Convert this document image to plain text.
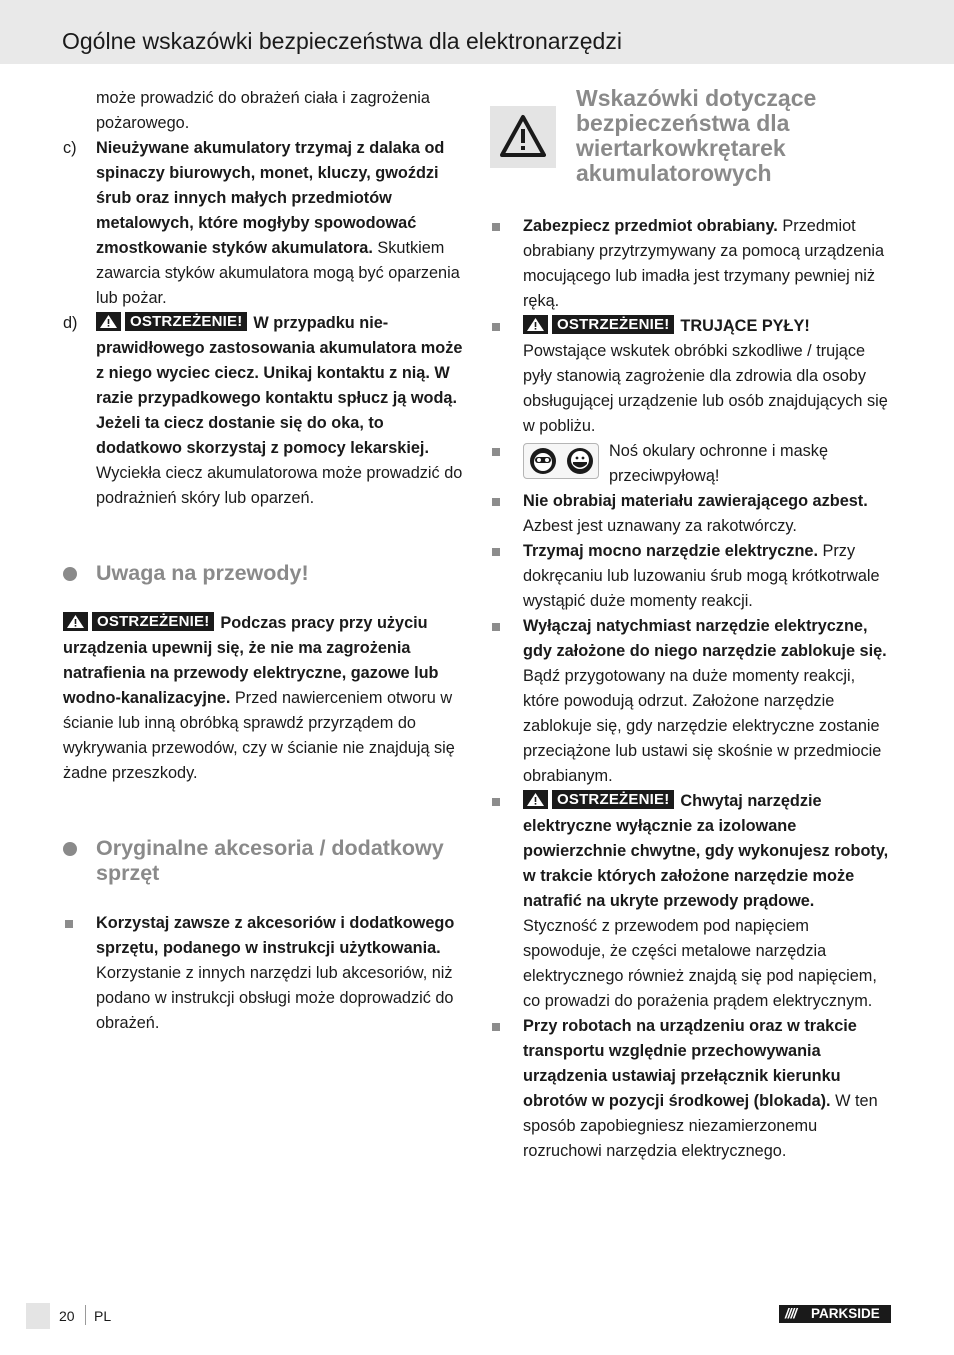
Ogólne wskazówki bezpieczeństwa dla elektronarzędzi

może prowadzić do obrażeń ciała i zagrożenia pożarowego.

c)	Nieużywane akumulatory trzymaj z dalaka od spinaczy biurowych, monet, kluczy, gwoździ śrub oraz innych małych przedmiotów metalowych, które mogłyby spowodować zmostkowanie styków akumulatora. Skutkiem zawarcia styków akumulatora mogą być oparzenia lub pożar.
d)	OSTRZEŻENIE! W przypadku nieprawidłowego zastosowania akumulatora może z niego wyciec ciecz. Unikaj kontaktu z nią. W razie przypadkowego kontaktu spłucz ją wodą. Jeżeli ta ciecz dostanie się do oka, to dodatkowo skorzystaj z pomocy lekarskiej. Wyciekła ciecz akumulatorowa może prowadzić do podrażnień skóry lub oparzeń.
Uwaga na przewody!

OSTRZEŻENIE! Podczas pracy przy użyciu urządzenia upewnij się, że nie ma zagrożenia natrafienia na przewody elektryczne, gazowe lub wodno-kanalizacyjne. Przed nawierceniem otworu w ścianie lub inną obróbką sprawdź przyrządem do wykrywania przewodów, czy w ścianie nie znajdują się żadne przeszkody.

Oryginalne akcesoria / dodatkowy sprzęt
Korzystaj zawsze z akcesoriów i dodatkowego sprzętu, podanego w instrukcji użytkowania. Korzystanie z innych narzędzi lub akcesoriów, niż podano w instrukcji obsługi może doprowadzić do obrażeń.
Wskazówki dotyczące bezpieczeństwa dla wiertarkowkrętarek akumulatorowych
Zabezpiecz przedmiot obrabiany. Przedmiot obrabiany przytrzymywany za pomocą urządzenia mocującego lub imadła jest trzymany pewniej niż ręką.
OSTRZEŻENIE! TRUJĄCE PYŁY! Powstające wskutek obróbki szkodliwe / trujące pyły stanowią zagrożenie dla zdrowia dla osoby obsługującej urządzenie lub osób znajdujących się w pobliżu.
Noś okulary ochronne i maskę przeciwpyłową!
Nie obrabiaj materiału zawierającego azbest. Azbest jest uznawany za rakotwórczy.
Trzymaj mocno narzędzie elektryczne. Przy dokręcaniu lub luzowaniu śrub mogą krótkotrwale wystąpić duże momenty reakcji.
Wyłączaj natychmiast narzędzie elektryczne, gdy założone do niego narzędzie zablokuje się. Bądź przygotowany na duże momenty reakcji, które powodują odrzut. Założone narzędzie zablokuje się, gdy narzędzie elektryczne zostanie przeciążone lub ustawi się skośnie w przedmiocie obrabianym.
OSTRZEŻENIE! Chwytaj narzędzie elektryczne wyłącznie za izolowane powierzchnie chwytne, gdy wykonujesz roboty, w trakcie których założone narzędzie może natrafić na ukryte przewody prądowe. Styczność z przewodem pod napięciem spowoduje, że części metalowe narzędzia elektrycznego również znajdą się pod napięciem, co prowadzi do porażenia prądem elektrycznym.
Przy robotach na urządzeniu oraz w trakcie transportu względnie przechowywania urządzenia ustawiaj przełącznik kierunku obrotów w pozycji środkowej (blokada). W ten sposób zapobiegniesz niezamierzonemu rozruchowi narzędzia elektrycznego.
20 PL	////	PARKSIDE
